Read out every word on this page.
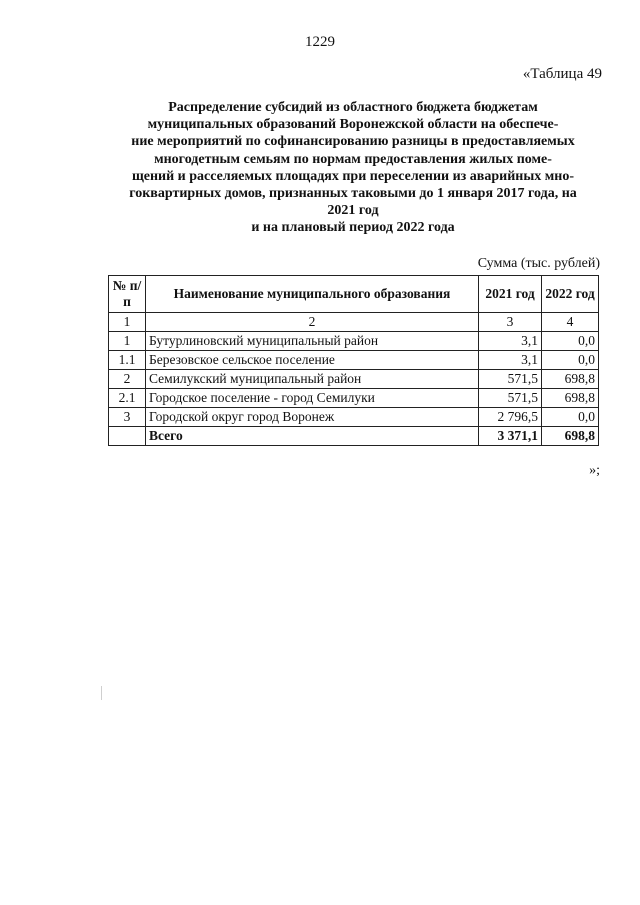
1229
«Таблица 49
Распределение субсидий из областного бюджета бюджетам
муниципальных образований Воронежской области на обеспече-
ние мероприятий по софинансированию разницы в предоставляемых
многодетным семьям по нормам предоставления жилых поме-
щений и расселяемых площадях при переселении из аварийных мно-
гоквартирных домов, признанных таковыми до 1 января 2017 года, на
2021 год
и на плановый период 2022 года
Сумма (тыс. рублей)
№ п/п	Наименование муниципального образования	2021 год	2022 год
1	2	3	4
1	Бутурлиновский муниципальный район	3,1	0,0
1.1	Березовское сельское поселение	3,1	0,0
2	Семилукский муниципальный район	571,5	698,8
2.1	Городское поселение - город Семилуки	571,5	698,8
3	Городской округ город Воронеж	2 796,5	0,0
	Всего	3 371,1	698,8
»;
